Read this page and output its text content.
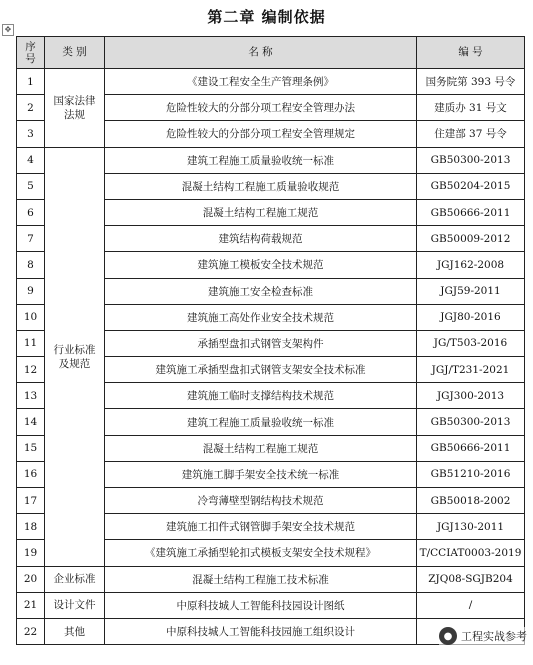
第二章 编制依据
✥
序号	类 别	名 称	编 号
1	国家法律法规	《建设工程安全生产管理条例》	国务院第 393 号令
2		危险性较大的分部分项工程安全管理办法	建质办 31 号文
3		危险性较大的分部分项工程安全管理规定	住建部 37 号令
4	行业标准及规范	建筑工程施工质量验收统一标准	GB50300-2013
5		混凝土结构工程施工质量验收规范	GB50204-2015
6		混凝土结构工程施工规范	GB50666-2011
7		建筑结构荷载规范	GB50009-2012
8		建筑施工模板安全技术规范	JGJ162-2008
9		建筑施工安全检查标准	JGJ59-2011
10		建筑施工高处作业安全技术规范	JGJ80-2016
11		承插型盘扣式钢管支架构件	JG/T503-2016
12		建筑施工承插型盘扣式钢管支架安全技术标准	JGJ/T231-2021
13		建筑施工临时支撑结构技术规范	JGJ300-2013
14		建筑工程施工质量验收统一标准	GB50300-2013
15		混凝土结构工程施工规范	GB50666-2011
16		建筑施工脚手架安全技术统一标准	GB51210-2016
17		冷弯薄壁型钢结构技术规范	GB50018-2002
18		建筑施工扣件式钢管脚手架安全技术规范	JGJ130-2011
19		《建筑施工承插型轮扣式模板支架安全技术规程》	T/CCIAT0003-2019
20	企业标准	混凝土结构工程施工技术标准	ZJQ08-SGJB204
21	设计文件	中原科技城人工智能科技园设计图纸	/
22	其他	中原科技城人工智能科技园施工组织设计		● 工程实战参考
